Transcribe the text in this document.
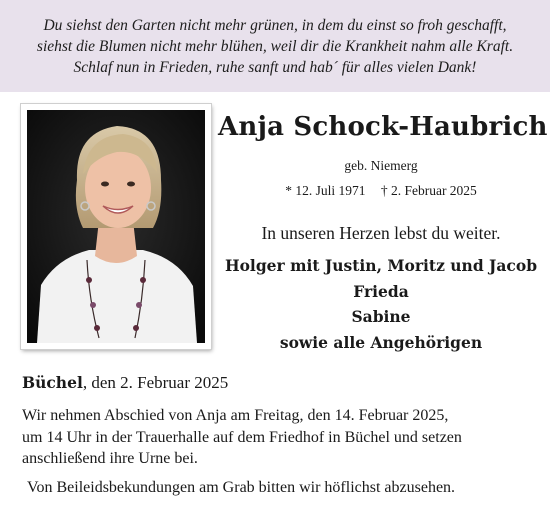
Du siehst den Garten nicht mehr grünen, in dem du einst so froh geschafft,
siehst die Blumen nicht mehr blühen, weil dir die Krankheit nahm alle Kraft.
Schlaf nun in Frieden, ruhe sanft und hab´ für alles vielen Dank!
Anja Schock-Haubrich
geb. Niemerg
* 12. Juli 1971 † 2. Februar 2025
In unseren Herzen lebst du weiter.
Holger mit Justin, Moritz und Jacob
Frieda
Sabine
sowie alle Angehörigen
Büchel, den 2. Februar 2025
Wir nehmen Abschied von Anja am Freitag, den 14. Februar 2025,
um 14 Uhr in der Trauerhalle auf dem Friedhof in Büchel und setzen
anschließend ihre Urne bei.
Von Beileidsbekundungen am Grab bitten wir höflichst abzusehen.
